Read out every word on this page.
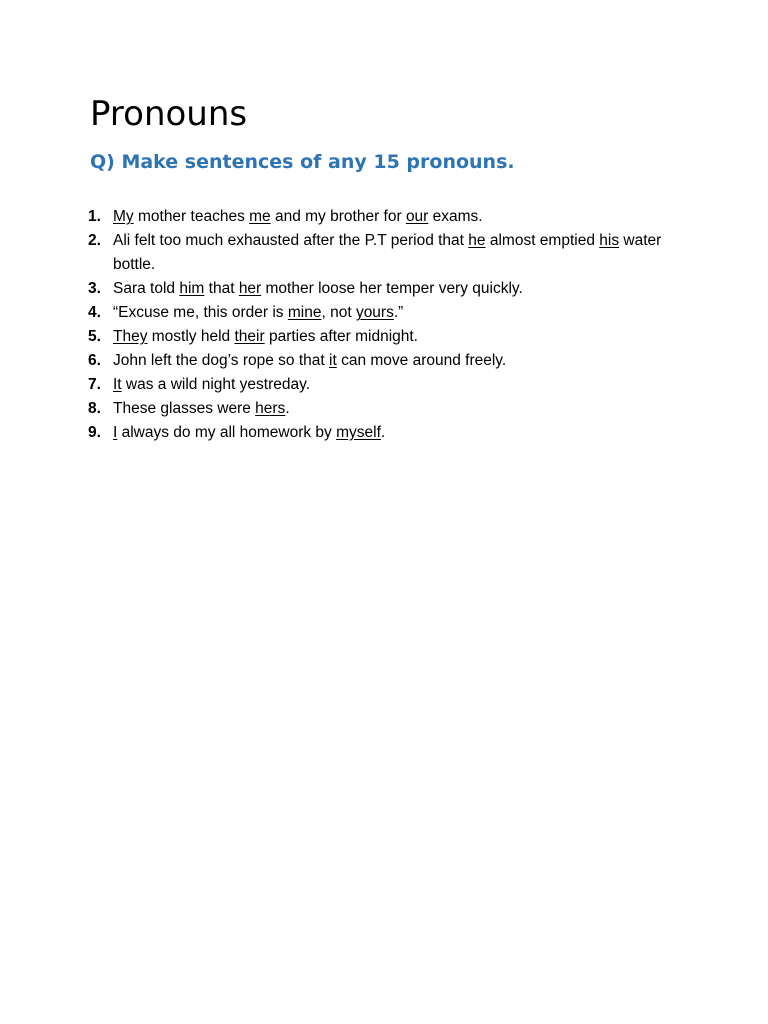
Pronouns
Q) Make sentences of any 15 pronouns.
1. My mother teaches me and my brother for our exams.
2. Ali felt too much exhausted after the P.T period that he almost emptied his water bottle.
3. Sara told him that her mother loose her temper very quickly.
4. “Excuse me, this order is mine, not yours.”
5. They mostly held their parties after midnight.
6. John left the dog’s rope so that it can move around freely.
7. It was a wild night yestreday.
8. These glasses were hers.
9. I always do my all homework by myself.
